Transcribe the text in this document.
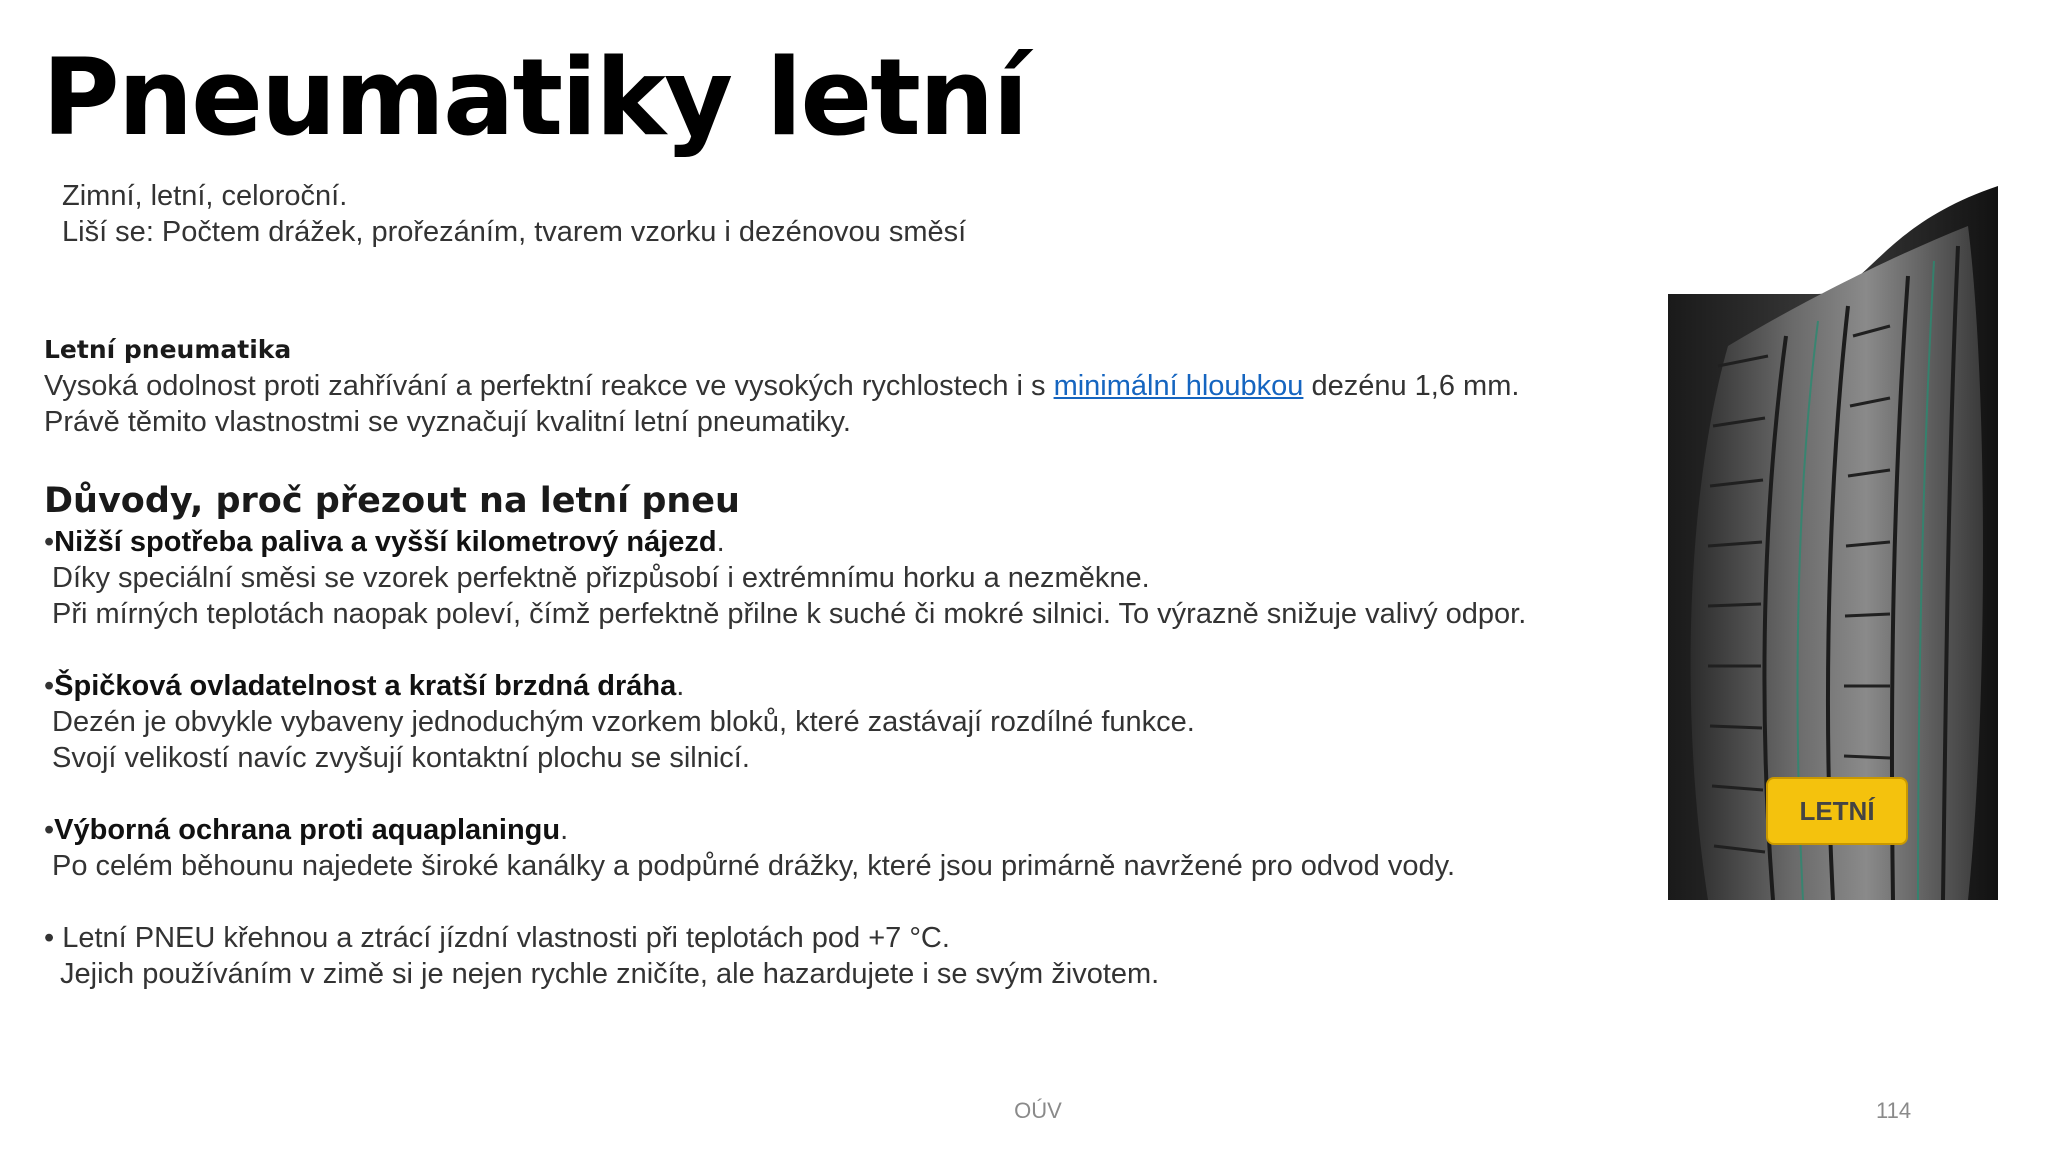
Pneumatiky letní
Zimní, letní, celoroční.
Liší se: Počtem drážek, prořezáním, tvarem vzorku i dezénovou směsí
Letní pneumatika
Vysoká odolnost proti zahřívání a perfektní reakce ve vysokých rychlostech i s minimální hloubkou dezénu 1,6 mm.
Právě těmito vlastnostmi se vyznačují kvalitní letní pneumatiky.
Důvody, proč přezout na letní pneu
•Nižší spotřeba paliva a vyšší kilometrový nájezd.
Díky speciální směsi se vzorek perfektně přizpůsobí i extrémnímu horku a nezměkne.
Při mírných teplotách naopak poleví, čímž perfektně přilne k suché či mokré silnici. To výrazně snižuje valivý odpor.
•Špičková ovladatelnost a kratší brzdná dráha.
Dezén je obvykle vybaveny jednoduchým vzorkem bloků, které zastávají rozdílné funkce.
Svojí velikostí navíc zvyšují kontaktní plochu se silnicí.
•Výborná ochrana proti aquaplaningu.
Po celém běhounu najedete široké kanálky a podpůrné drážky, které jsou primárně navržené pro odvod vody.
• Letní PNEU křehnou a ztrácí jízdní vlastnosti při teplotách pod +7 °C.
Jejich používáním v zimě si je nejen rychle zničíte, ale hazardujete i se svým životem.
LETNÍ
OÚV	114
